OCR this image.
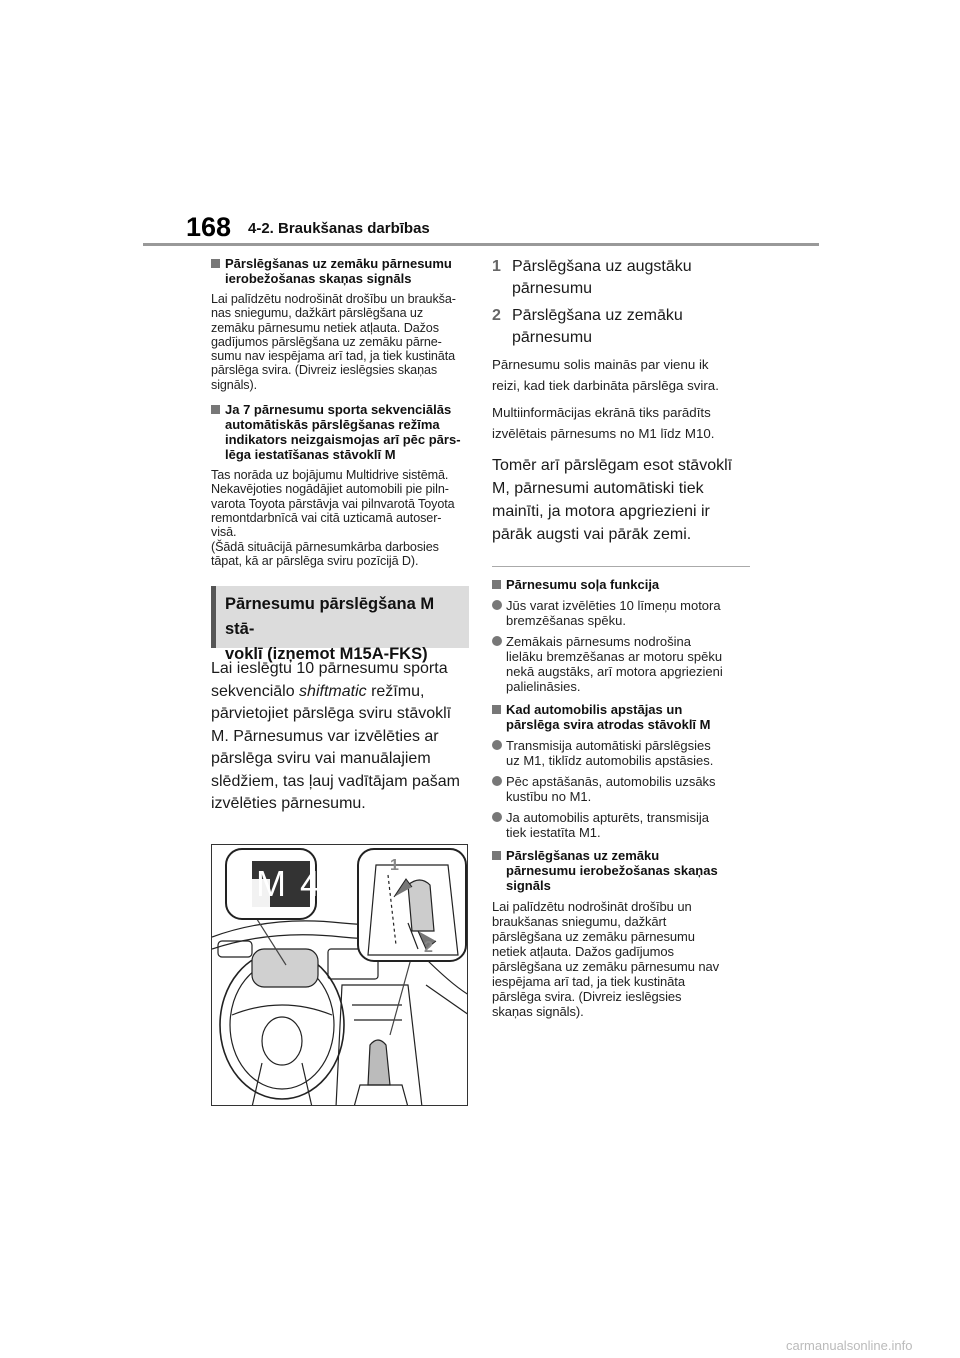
168 4-2. Braukšanas darbības
Pārslēgšanas uz zemāku pārnesumu
ierobežošanas skaņas signāls
Lai palīdzētu nodrošināt drošību un braukša-
nas sniegumu, dažkārt pārslēgšana uz
zemāku pārnesumu netiek atļauta. Dažos
gadījumos pārslēgšana uz zemāku pārne-
sumu nav iespējama arī tad, ja tiek kustināta
pārslēga svira. (Divreiz ieslēgsies skaņas
signāls).
Ja 7 pārnesumu sporta sekvenciālās
automātiskās pārslēgšanas režīma
indikators neizgaismojas arī pēc pārs-
lēga iestatīšanas stāvoklī M
Tas norāda uz bojājumu Multidrive sistēmā.
Nekavējoties nogādājiet automobili pie piln-
varota Toyota pārstāvja vai pilnvarotā Toyota
remontdarbnīcā vai citā uzticamā autoser-
visā.
(Šādā situācijā pārnesumkārba darbosies
tāpat, kā ar pārslēga sviru pozīcijā D).
Pārnesumu pārslēgšana M stā-
voklī (izņemot M15A-FKS)
Lai ieslēgtu 10 pārnesumu sporta sekvenciālo shiftmatic režīmu, pārvietojiet pārslēga sviru stāvoklī M. Pārnesumus var izvēlēties ar pārslēga sviru vai manuālajiem slēdžiem, tas ļauj vadītājam pašam izvēlēties pārnesumu.
M 4	1
2
1 Pārslēgšana uz augstāku
pārnesumu
2 Pārslēgšana uz zemāku
pārnesumu
Pārnesumu solis mainās par vienu ik
reizi, kad tiek darbināta pārslēga svira.
Multiinformācijas ekrānā tiks parādīts
izvēlētais pārnesums no M1 līdz M10.
Tomēr arī pārslēgam esot stāvoklī
M, pārnesumi automātiski tiek
mainīti, ja motora apgriezieni ir
pārāk augsti vai pārāk zemi.
Pārnesumu soļa funkcija
Jūs varat izvēlēties 10 līmeņu motora
bremzēšanas spēku.
Zemākais pārnesums nodrošina
lielāku bremzēšanas ar motoru spēku
nekā augstāks, arī motora apgriezieni
palielināsies.
Kad automobilis apstājas un
pārslēga svira atrodas stāvoklī M
Transmisija automātiski pārslēgsies
uz M1, tiklīdz automobilis apstāsies.
Pēc apstāšanās, automobilis uzsāks
kustību no M1.
Ja automobilis apturēts, transmisija
tiek iestatīta M1.
Pārslēgšanas uz zemāku
pārnesumu ierobežošanas skaņas
signāls
Lai palīdzētu nodrošināt drošību un
braukšanas sniegumu, dažkārt
pārslēgšana uz zemāku pārnesumu
netiek atļauta. Dažos gadījumos
pārslēgšana uz zemāku pārnesumu nav
iespējama arī tad, ja tiek kustināta
pārslēga svira. (Divreiz ieslēgsies
skaņas signāls).
carmanualsonline.info
